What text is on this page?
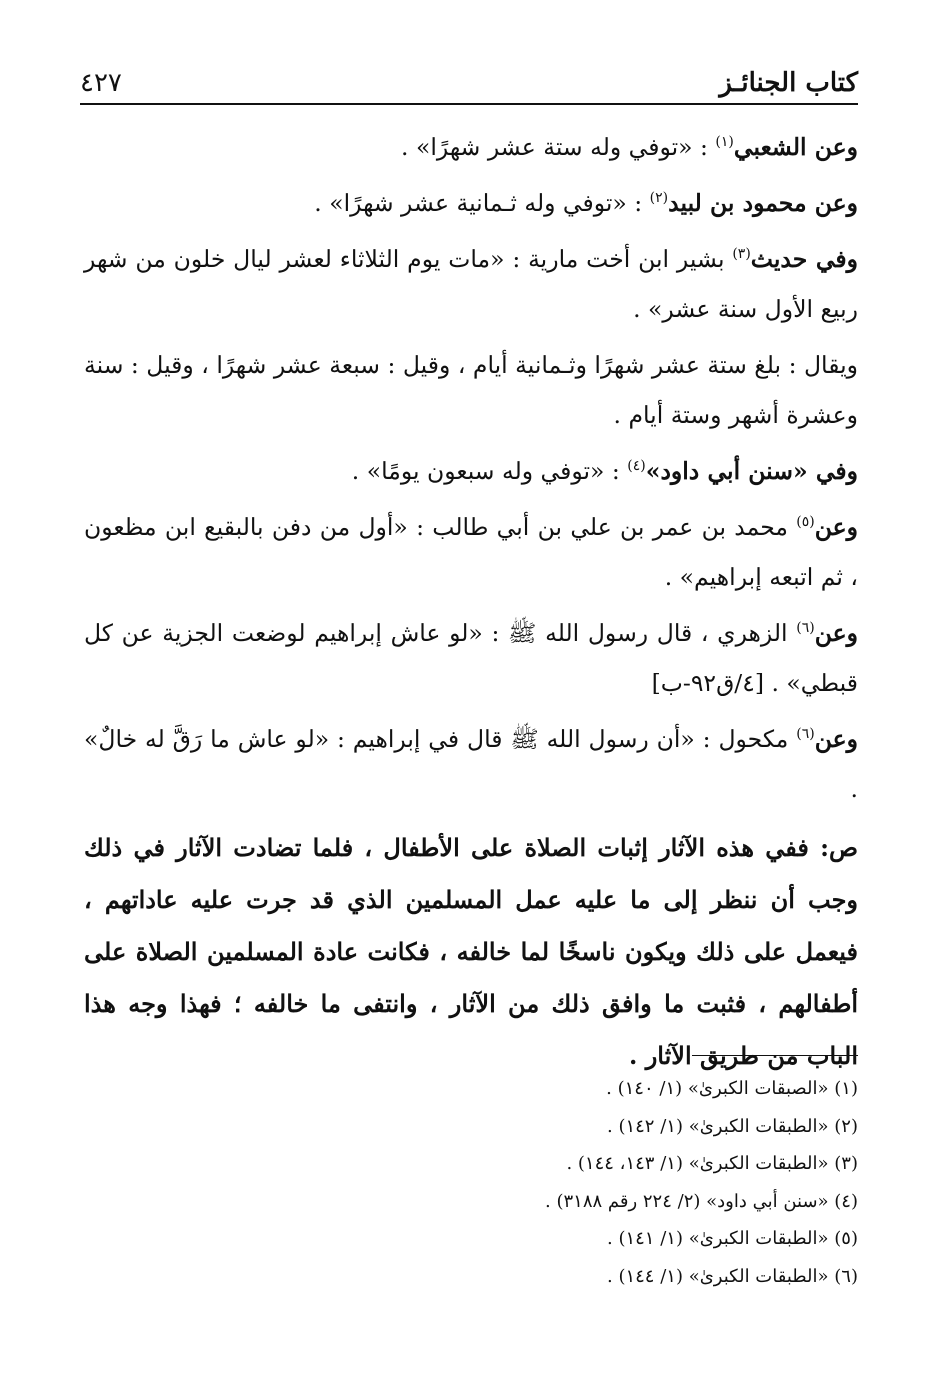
كتاب الجنائـز
٤٢٧

وعن الشعبي$^{(١)}$ : «توفي وله ستة عشر شهرًا» .

وعن محمود بن لبيد$^{(٢)}$ : «توفي وله ثـمانية عشر شهرًا» .

وفي حديث$^{(٣)}$ بشير ابن أخت مارية : «مات يوم الثلاثاء لعشر ليال خلون من شهر ربيع الأول سنة عشر» .

ويقال : بلغ ستة عشر شهرًا وثـمانية أيام ، وقيل : سبعة عشر شهرًا ، وقيل : سنة وعشرة أشهر وستة أيام .

وفي «سنن أبي داود»$^{(٤)}$ : «توفي وله سبعون يومًا» .

وعن$^{(٥)}$ محمد بن عمر بن علي بن أبي طالب : «أول من دفن بالبقيع ابن مظعون ، ثم اتبعه إبراهيم» .

وعن$^{(٦)}$ الزهري ، قال رسول الله ﷺ : «لو عاش إبراهيم لوضعت الجزية عن كل قبطي» . [٤/ق٩٢-ب]

وعن$^{(٦)}$ مكحول : «أن رسول الله ﷺ قال في إبراهيم : «لو عاش ما رَقَّ له خالٌ» .

ص: ففي هذه الآثار إثبات الصلاة على الأطفال ، فلما تضادت الآثار في ذلك وجب أن ننظر إلى ما عليه عمل المسلمين الذي قد جرت عليه عاداتهم ، فيعمل على ذلك ويكون ناسخًا لما خالفه ، فكانت عادة المسلمين الصلاة على أطفالهم ، فثبت ما وافق ذلك من الآثار ، وانتفى ما خالفه ؛ فهذا وجه هذا الباب من طريق الآثار .

(١) «الصبقات الكبرىٰ» (١/ ١٤٠) .
(٢) «الطبقات الكبرىٰ» (١/ ١٤٢) .
(٣) «الطبقات الكبرىٰ» (١/ ١٤٣، ١٤٤) .
(٤) «سنن أبي داود» (٢/ ٢٢٤ رقم ٣١٨٨) .
(٥) «الطبقات الكبرىٰ» (١/ ١٤١) .
(٦) «الطبقات الكبرىٰ» (١/ ١٤٤) .
